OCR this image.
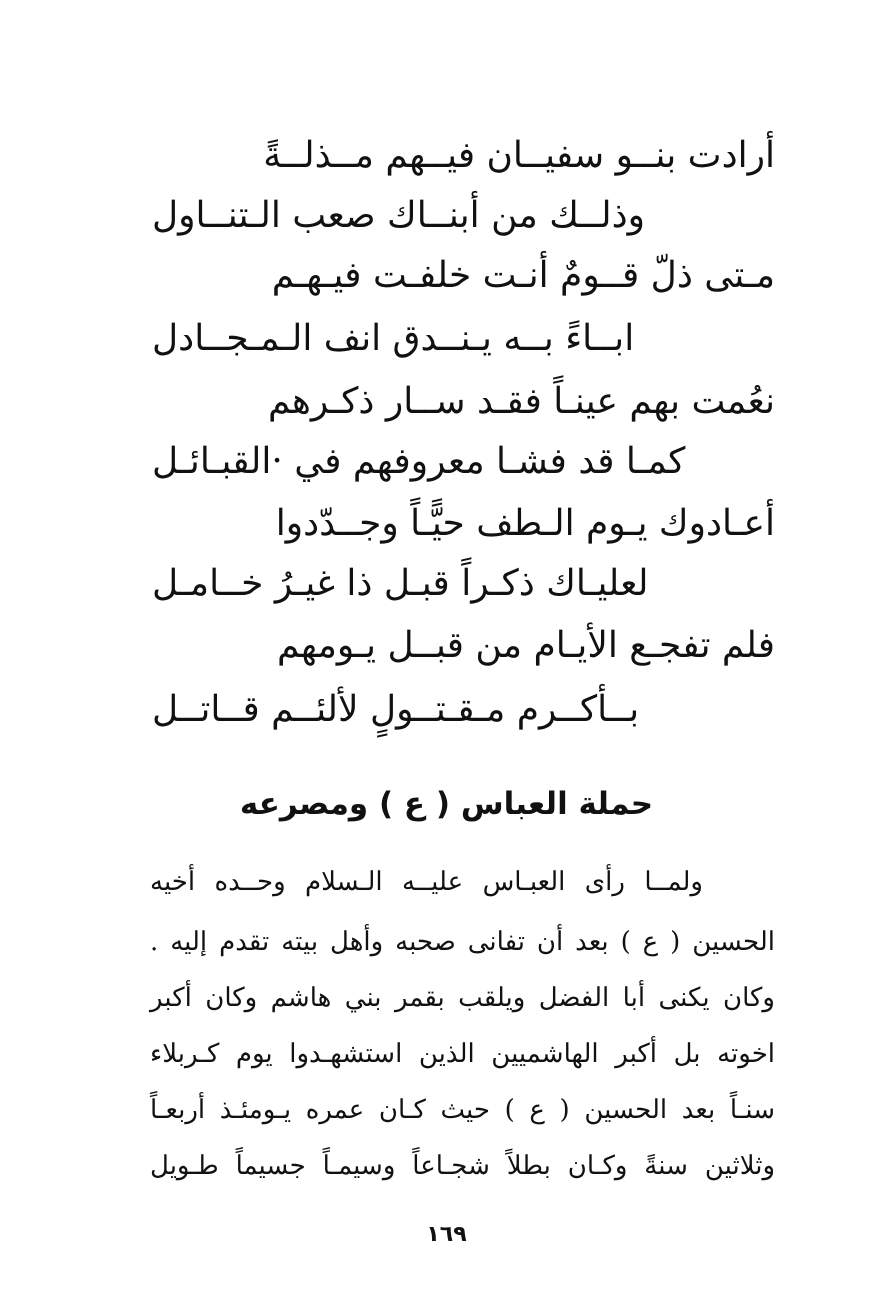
أرادت بنــو سفيــان فيــهم مــذلــةً
وذلــك من أبنــاك صعب الـتنــاول
مـتى ذلّ قــومٌ أنـت خلفـت فيـهـم
ابــاءً بــه يـنــدق انف الـمـجــادل
نعُمت بهم عينـاً فقـد ســار ذكـرهم
كمـا قد فشـا معروفهم في ·القبـائـل
أعـادوك يـوم الـطف حيًّـاً وجــدّدوا
لعليـاك ذكـراً قبـل ذا غيـرُ خــامـل
فلم تفجـع الأيـام من قبــل يـومهم
بــأكــرم مـقـتــولٍ لألئــم قــاتــل
حملة العباس ( ع ) ومصرعه
ولمــا رأى العبـاس عليــه الـسلام وحــده أخيه
الحسين ( ع ) بعد أن تفانى صحبه وأهل بيته تقدم إليه .
وكان يكنى أبا الفضل ويلقب بقمر بني هاشم وكان أكبر
اخوته بل أكبر الهاشميين الذين استشهـدوا يوم كـربلاء
سنـاً بعد الحسين ( ع ) حيث كـان عمره يـومئـذ أربعـاً
وثلاثين سنةً وكـان بطلاً شجـاعاً وسيمـاً جسيماً طـويل
١٦٩
